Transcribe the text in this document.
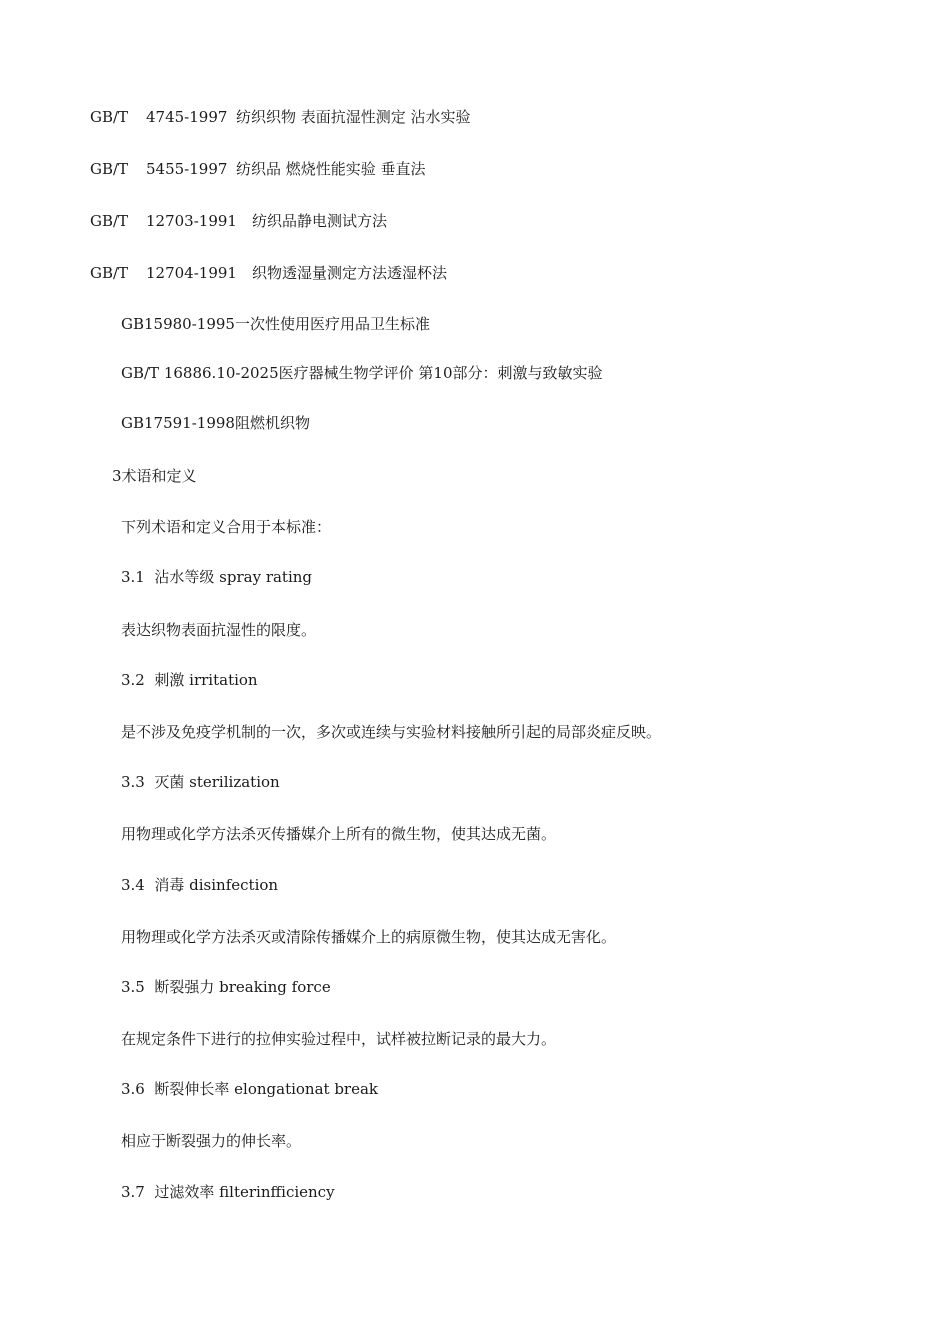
GB/T

4745-1997

纺织织物 表面抗湿性测定 沾水实验

GB/T

5455-1997

纺织品 燃烧性能实验 垂直法

GB/T

12703-1991

纺织品静电测试方法

GB/T

12704-1991

织物透湿量测定方法透湿杯法

GB15980-1995一次性使用医疗用品卫生标准
GB/T 16886.10-2025医疗器械生物学评价 第10部分：刺激与致敏实验
GB17591-1998阻燃机织物
3术语和定义
下列术语和定义合用于本标准：
3.1  沾水等级 spray rating
表达织物表面抗湿性的限度。
3.2  刺激 irritation
是不涉及免疫学机制的一次，多次或连续与实验材料接触所引起的局部炎症反映。
3.3  灭菌 sterilization
用物理或化学方法杀灭传播媒介上所有的微生物，使其达成无菌。
3.4  消毒 disinfection
用物理或化学方法杀灭或清除传播媒介上的病原微生物，使其达成无害化。
3.5  断裂强力 breaking force
在规定条件下进行的拉伸实验过程中，试样被拉断记录的最大力。
3.6  断裂伸长率 elongationat break
相应于断裂强力的伸长率。
3.7  过滤效率 filterinfficiency
